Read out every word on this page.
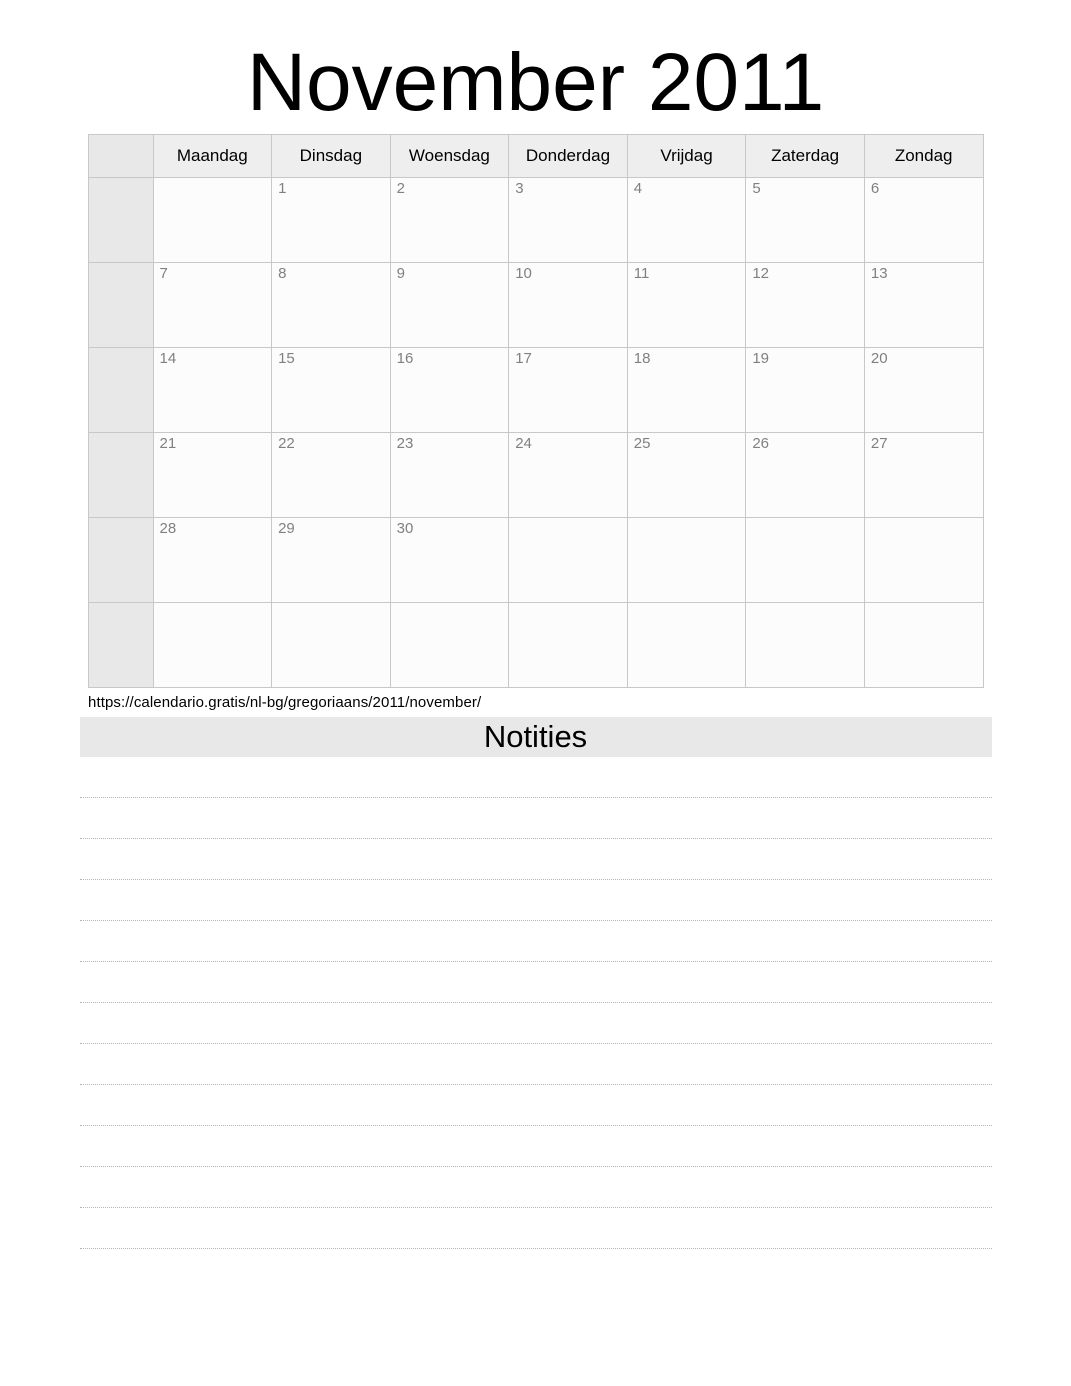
November 2011
	Maandag	Dinsdag	Woensdag	Donderdag	Vrijdag	Zaterdag	Zondag

		1	2	3	4	5	6

	7	8	9	10	11	12	13

	14	15	16	17	18	19	20

	21	22	23	24	25	26	27

	28	29	30				

https://calendario.gratis/nl-bg/gregoriaans/2011/november/
Notities
